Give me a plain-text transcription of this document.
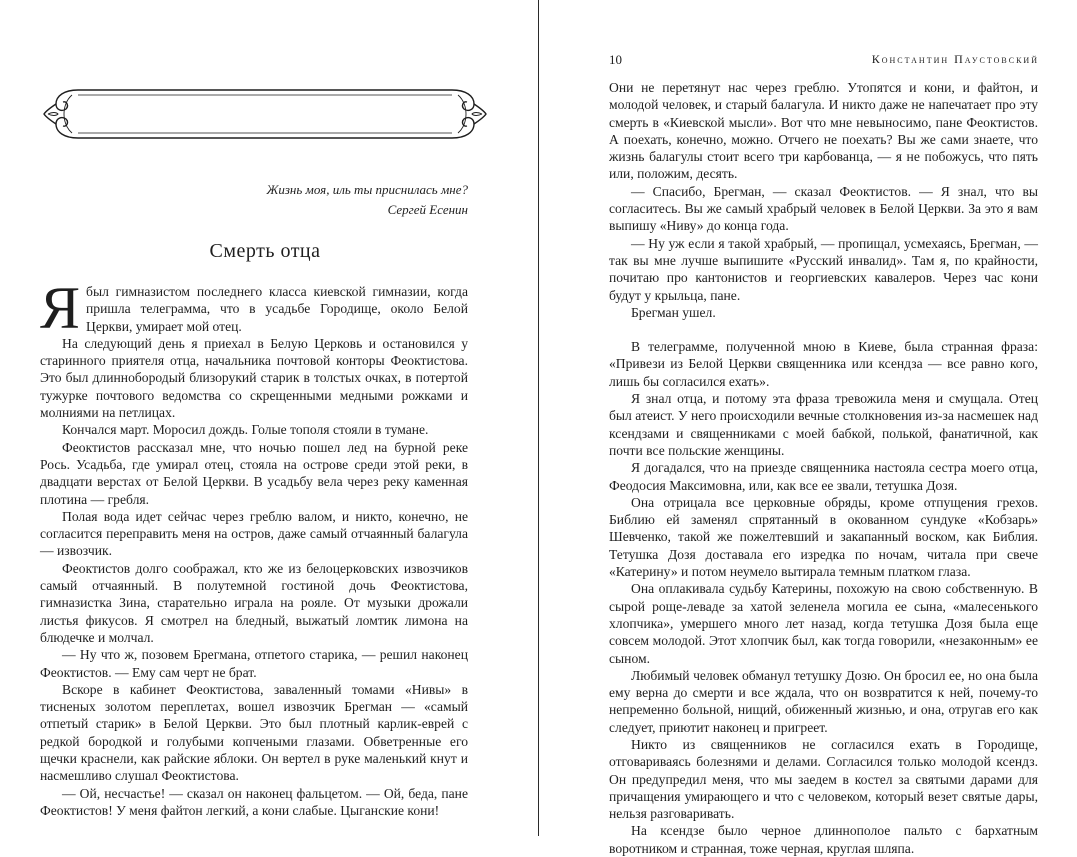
Жизнь моя, иль ты приснилась мне?
Сергей Есенин
Смерть отца

Ябыл гимназистом последнего класса киевской гимназии, когда пришла телеграмма, что в усадьбе Городище, около Белой Церкви, умирает мой отец.

На следующий день я приехал в Белую Церковь и остановился у старинного приятеля отца, начальника почтовой конторы Феоктистова. Это был длиннобородый близорукий старик в толстых очках, в потертой тужурке почтового ведомства со скрещенными медными рожками и молниями на петлицах.

Кончался март. Моросил дождь. Голые тополя стояли в тумане.

Феоктистов рассказал мне, что ночью пошел лед на бурной реке Рось. Усадьба, где умирал отец, стояла на острове среди этой реки, в двадцати верстах от Белой Церкви. В усадьбу вела через реку каменная плотина — гребля.

Полая вода идет сейчас через греблю валом, и никто, конечно, не согласится переправить меня на остров, даже самый отчаянный балагула — извозчик.

Феоктистов долго соображал, кто же из белоцерковских извозчиков самый отчаянный. В полутемной гостиной дочь Феоктистова, гимназистка Зина, старательно играла на рояле. От музыки дрожали листья фикусов. Я смотрел на бледный, выжатый ломтик лимона на блюдечке и молчал.

— Ну что ж, позовем Брегмана, отпетого старика, — решил наконец Феоктистов. — Ему сам черт не брат.

Вскоре в кабинет Феоктистова, заваленный томами «Нивы» в тисненых золотом переплетах, вошел извозчик Брегман — «самый отпетый старик» в Белой Церкви. Это был плотный карлик-еврей с редкой бородкой и голубыми копчеными глазами. Обветренные его щечки краснели, как райские яблоки. Он вертел в руке маленький кнут и насмешливо слушал Феоктистова.

— Ой, несчастье! — сказал он наконец фальцетом. — Ой, беда, пане Феоктистов! У меня файтон легкий, а кони слабые. Цыганские кони!

10	Константин Паустовский

Они не перетянут нас через греблю. Утопятся и кони, и файтон, и молодой человек, и старый балагула. И никто даже не напечатает про эту смерть в «Киевской мысли». Вот что мне невыносимо, пане Феоктистов. А поехать, конечно, можно. Отчего не поехать? Вы же сами знаете, что жизнь балагулы стоит всего три карбованца, — я не побожусь, что пять или, положим, десять.

— Спасибо, Брегман, — сказал Феоктистов. — Я знал, что вы согласитесь. Вы же самый храбрый человек в Белой Церкви. За это я вам выпишу «Ниву» до конца года.

— Ну уж если я такой храбрый, — пропищал, усмехаясь, Брегман, — так вы мне лучше выпишите «Русский инвалид». Там я, по крайности, почитаю про кантонистов и георгиевских кавалеров. Через час кони будут у крыльца, пане.

Брегман ушел.

В телеграмме, полученной мною в Киеве, была странная фраза: «Привези из Белой Церкви священника или ксендза — все равно кого, лишь бы согласился ехать».

Я знал отца, и потому эта фраза тревожила меня и смущала. Отец был атеист. У него происходили вечные столкновения из-за насмешек над ксендзами и священниками с моей бабкой, полькой, фанатичной, как почти все польские женщины.

Я догадался, что на приезде священника настояла сестра моего отца, Феодосия Максимовна, или, как все ее звали, тетушка Дозя.

Она отрицала все церковные обряды, кроме отпущения грехов. Библию ей заменял спрятанный в окованном сундуке «Кобзарь» Шевченко, такой же пожелтевший и закапанный воском, как Библия. Тетушка Дозя доставала его изредка по ночам, читала при свече «Катерину» и потом неумело вытирала темным платком глаза.

Она оплакивала судьбу Катерины, похожую на свою собственную. В сырой роще-леваде за хатой зеленела могила ее сына, «малесенького хлопчика», умершего много лет назад, когда тетушка Дозя была еще совсем молодой. Этот хлопчик был, как тогда говорили, «незаконным» ее сыном.

Любимый человек обманул тетушку Дозю. Он бросил ее, но она была ему верна до смерти и все ждала, что он возвратится к ней, почему-то непременно больной, нищий, обиженный жизнью, и она, отругав его как следует, приютит наконец и пригреет.

Никто из священников не согласился ехать в Городище, отговариваясь болезнями и делами. Согласился только молодой ксендз. Он предупредил меня, что мы заедем в костел за святыми дарами для причащения умирающего и что с человеком, который везет святые дары, нельзя разговаривать.

На ксендзе было черное длиннополое пальто с бархатным воротником и странная, тоже черная, круглая шляпа.
